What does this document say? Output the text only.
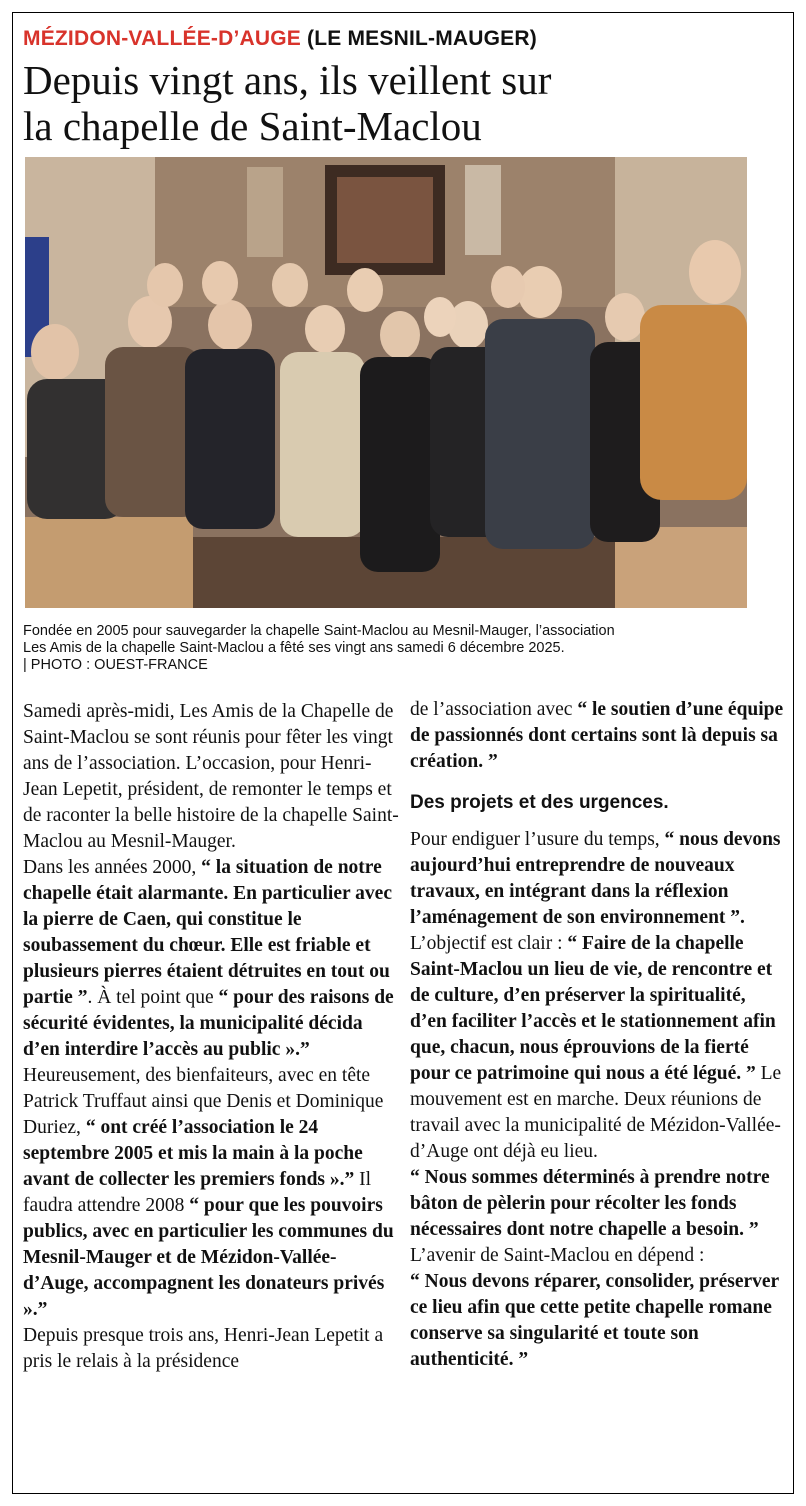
MÉZIDON-VALLÉE-D’AUGE (LE MESNIL-MAUGER)
Depuis vingt ans, ils veillent sur
la chapelle de Saint-Maclou
Fondée en 2005 pour sauvegarder la chapelle Saint-Maclou au Mesnil-Mauger, l’association
Les Amis de la chapelle Saint-Maclou a fêté ses vingt ans samedi 6 décembre 2025.
| PHOTO : OUEST-FRANCE

Samedi après-midi, Les Amis de la Chapelle de Saint-Maclou se sont réunis pour fêter les vingt ans de l’association. L’occasion, pour Henri-Jean Lepetit, président, de remonter le temps et de raconter la belle histoire de la chapelle Saint-Maclou au Mesnil-Mauger.

Dans les années 2000, “ la situation de notre chapelle était alarmante. En particulier avec la pierre de Caen, qui constitue le soubassement du chœur. Elle est friable et plusieurs pierres étaient détruites en tout ou partie ”. À tel point que “ pour des raisons de sécurité évidentes, la municipalité décida d’en interdire l’accès au public ».”

Heureusement, des bienfaiteurs, avec en tête Patrick Truffaut ainsi que Denis et Dominique Duriez, “ ont créé l’association le 24 septembre 2005 et mis la main à la poche avant de collecter les premiers fonds ».” Il faudra attendre 2008 “ pour que les pouvoirs publics, avec en particulier les communes du Mesnil-Mauger et de Mézidon-Vallée-d’Auge, accompagnent les donateurs privés ».”

Depuis presque trois ans, Henri-Jean Lepetit a pris le relais à la présidence

de l’association avec “ le soutien d’une équipe de passionnés dont certains sont là depuis sa création. ”

Des projets et des urgences.

Pour endiguer l’usure du temps, “ nous devons aujourd’hui entreprendre de nouveaux travaux, en intégrant dans la réflexion l’aménagement de son environnement ”.

L’objectif est clair : “ Faire de la chapelle Saint-Maclou un lieu de vie, de rencontre et de culture, d’en préserver la spiritualité, d’en faciliter l’accès et le stationnement afin que, chacun, nous éprouvions de la fierté pour ce patrimoine qui nous a été légué. ” Le mouvement est en marche. Deux réunions de travail avec la municipalité de Mézidon-Vallée-d’Auge ont déjà eu lieu.

“ Nous sommes déterminés à prendre notre bâton de pèlerin pour récolter les fonds nécessaires dont notre chapelle a besoin. ”

L’avenir de Saint-Maclou en dépend :
“ Nous devons réparer, consolider, préserver ce lieu afin que cette petite chapelle romane conserve sa singularité et toute son authenticité. ”
